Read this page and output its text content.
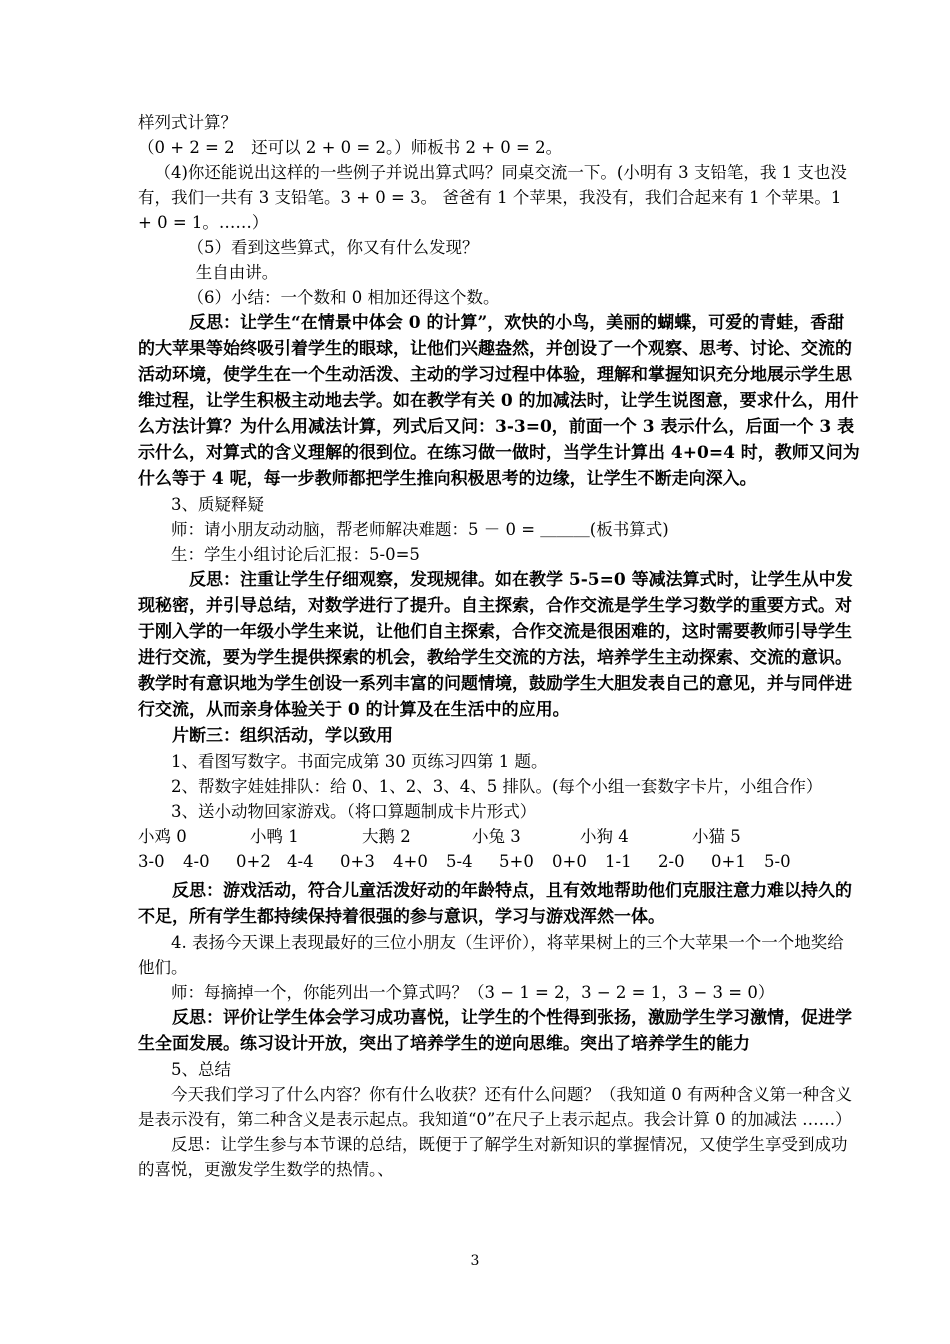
样列式计算？

（0 + 2 = 2　还可以 2 + 0 = 2。）师板书 2 + 0 = 2。

（4)你还能说出这样的一些例子并说出算式吗？同桌交流一下。(小明有 3 支铅笔，我 1 支也没有，我们一共有 3 支铅笔。3 + 0 = 3。 爸爸有 1 个苹果，我没有，我们合起来有 1 个苹果。1 + 0 = 1。……）

（5）看到这些算式，你又有什么发现？

生自由讲。

（6）小结：一个数和 0 相加还得这个数。

反思：让学生“在情景中体会 0 的计算”，欢快的小鸟，美丽的蝴蝶，可爱的青蛙，香甜的大苹果等始终吸引着学生的眼球，让他们兴趣盎然，并创设了一个观察、思考、讨论、交流的活动环境，使学生在一个生动活泼、主动的学习过程中体验，理解和掌握知识充分地展示学生思维过程，让学生积极主动地去学。如在教学有关 0 的加减法时，让学生说图意，要求什么，用什么方法计算？为什么用减法计算，列式后又问：3-3=0，前面一个 3 表示什么，后面一个 3 表示什么，对算式的含义理解的很到位。在练习做一做时，当学生计算出 4+0=4 时，教师又问为什么等于 4 呢，每一步教师都把学生推向积极思考的边缘，让学生不断走向深入。

3、质疑释疑

师：请小朋友动动脑，帮老师解决难题：5 － 0 = ＿＿＿(板书算式)

生：学生小组讨论后汇报：5-0=5

反思：注重让学生仔细观察，发现规律。如在教学 5-5=0 等减法算式时，让学生从中发现秘密，并引导总结，对数学进行了提升。自主探索，合作交流是学生学习数学的重要方式。对于刚入学的一年级小学生来说，让他们自主探索，合作交流是很困难的，这时需要教师引导学生进行交流，要为学生提供探索的机会，教给学生交流的方法，培养学生主动探索、交流的意识。教学时有意识地为学生创设一系列丰富的问题情境，鼓励学生大胆发表自己的意见，并与同伴进行交流，从而亲身体验关于 0 的计算及在生活中的应用。

片断三：组织活动，学以致用

1、看图写数字。书面完成第 30 页练习四第 1 题。

2、帮数字娃娃排队：给 0、1、2、3、4、5 排队。(每个小组一套数字卡片，小组合作）

3、送小动物回家游戏。（将口算题制成卡片形式）

小鸡 0	小鸭 1	大鹅 2	小兔 3	小狗 4	小猫 5
3-0	4-0	0+2 4-4	0+3	4+0	5-4	5+0	0+0	1-1	2-0	0+1	5-0

反思：游戏活动，符合儿童活泼好动的年龄特点，且有效地帮助他们克服注意力难以持久的不足，所有学生都持续保持着很强的参与意识，学习与游戏浑然一体。

4. 表扬今天课上表现最好的三位小朋友（生评价），将苹果树上的三个大苹果一个一个地奖给他们。

师：每摘掉一个，你能列出一个算式吗？（3 − 1 = 2，3 − 2 = 1，3 − 3 = 0）

反思：评价让学生体会学习成功喜悦，让学生的个性得到张扬，激励学生学习激情，促进学生全面发展。练习设计开放，突出了培养学生的逆向思维。突出了培养学生的能力

5、总结

今天我们学习了什么内容？你有什么收获？还有什么问题？（我知道 0 有两种含义第一种含义是表示没有，第二种含义是表示起点。我知道“0”在尺子上表示起点。我会计算 0 的加减法 ……）

反思：让学生参与本节课的总结，既便于了解学生对新知识的掌握情况，又使学生享受到成功的喜悦，更激发学生数学的热情。、

3
